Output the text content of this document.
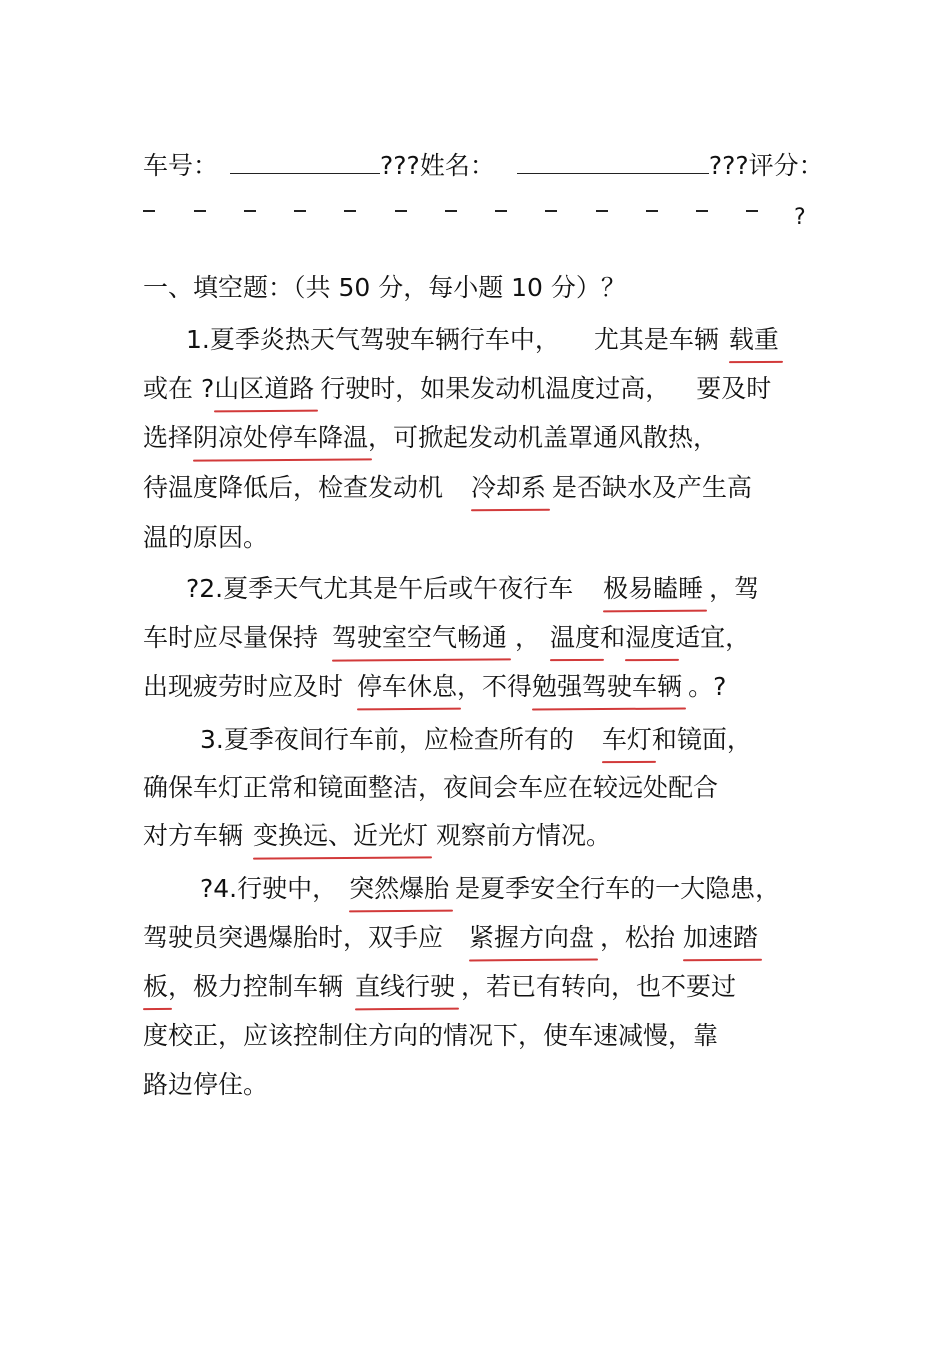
车号：	???姓名：	???评分：
?
一、填空题：（共 50 分，每小题 10 分）？
1.夏季炎热天气驾驶车辆行车中， 尤其是车辆 载重
或在 ?山区道路 行驶时，如果发动机温度过高， 要及时
选择阴凉处停车降温，可掀起发动机盖罩通风散热，
待温度降低后，检查发动机 冷却系 是否缺水及产生高
温的原因。
?2.夏季天气尤其是午后或午夜行车 极易瞌睡 ，驾
车时应尽量保持 驾驶室空气畅通 ， 温度和湿度适宜，
出现疲劳时应及时 停车休息，不得勉强驾驶车辆 。?
3.夏季夜间行车前，应检查所有的 车灯和镜面，
确保车灯正常和镜面整洁，夜间会车应在较远处配合
对方车辆 变换远、近光灯 观察前方情况。
?4.行驶中， 突然爆胎 是夏季安全行车的一大隐患，
驾驶员突遇爆胎时，双手应 紧握方向盘 ，松抬 加速踏
板，极力控制车辆 直线行驶 ，若已有转向，也不要过
度校正，应该控制住方向的情况下，使车速减慢，靠
路边停住。
